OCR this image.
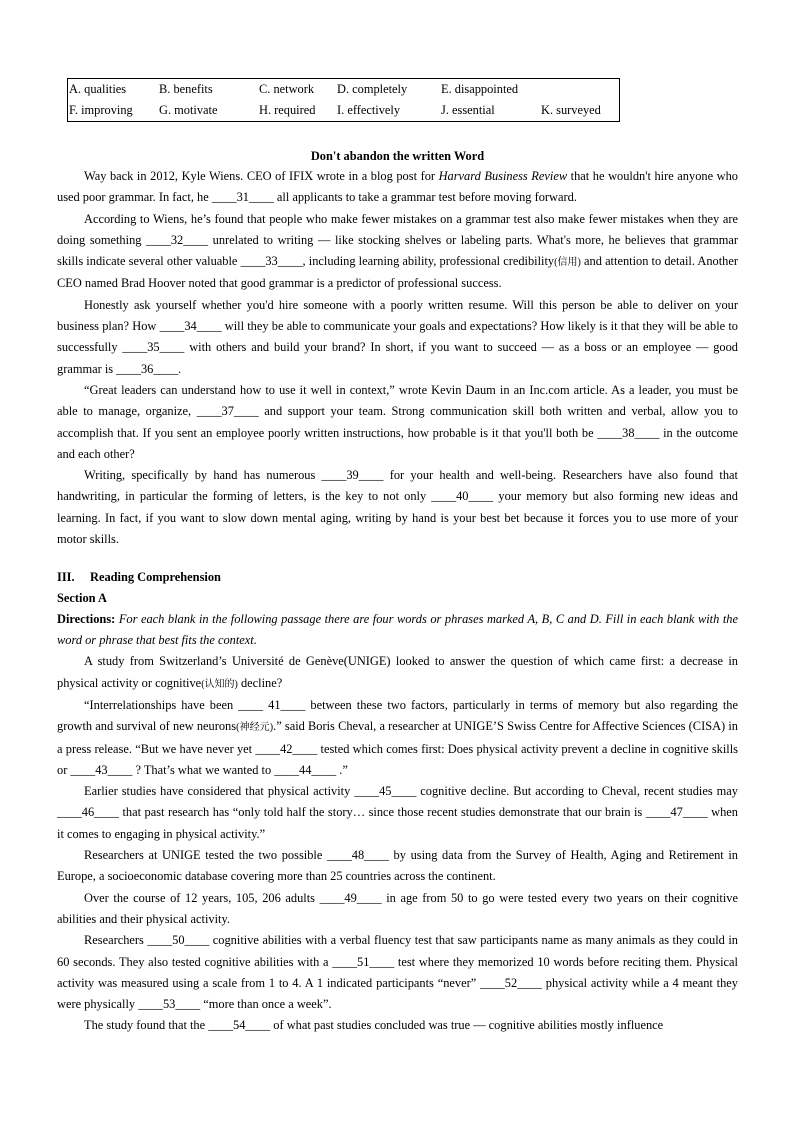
A. qualities	B. benefits	C. network	D. completely	E. disappointed	
F. improving	G. motivate	H. required	I. effectively	J. essential	K. surveyed
Don't abandon the written Word

Way back in 2012, Kyle Wiens. CEO of IFIX wrote in a blog post for Harvard Business Review that he wouldn't hire anyone who used poor grammar. In fact, he ____31____ all applicants to take a grammar test before moving forward.

According to Wiens, he’s found that people who make fewer mistakes on a grammar test also make fewer mistakes when they are doing something ____32____ unrelated to writing — like stocking shelves or labeling parts. What's more, he believes that grammar skills indicate several other valuable ____33____, including learning ability, professional credibility(信用) and attention to detail. Another CEO named Brad Hoover noted that good grammar is a predictor of professional success.

Honestly ask yourself whether you'd hire someone with a poorly written resume. Will this person be able to deliver on your business plan? How ____34____ will they be able to communicate your goals and expectations? How likely is it that they will be able to successfully ____35____ with others and build your brand? In short, if you want to succeed — as a boss or an employee — good grammar is ____36____.

“Great leaders can understand how to use it well in context,” wrote Kevin Daum in an Inc.com article. As a leader, you must be able to manage, organize, ____37____ and support your team. Strong communication skill both written and verbal, allow you to accomplish that. If you sent an employee poorly written instructions, how probable is it that you'll both be ____38____ in the outcome and each other?

Writing, specifically by hand has numerous ____39____ for your health and well-being. Researchers have also found that handwriting, in particular the forming of letters, is the key to not only ____40____ your memory but also forming new ideas and learning. In fact, if you want to slow down mental aging, writing by hand is your best bet because it forces you to use more of your motor skills.

III. Reading Comprehension
Section A

Directions: For each blank in the following passage there are four words or phrases marked A, B, C and D. Fill in each blank with the word or phrase that best fits the context.

A study from Switzerland’s Université de Genève(UNIGE) looked to answer the question of which came first: a decrease in physical activity or cognitive(认知的) decline?

“Interrelationships have been ____ 41____ between these two factors, particularly in terms of memory but also regarding the growth and survival of new neurons(神经元).” said Boris Cheval, a researcher at UNIGE’S Swiss Centre for Affective Sciences (CISA) in a press release. “But we have never yet ____42____ tested which comes first: Does physical activity prevent a decline in cognitive skills or ____43____ ? That’s what we wanted to ____44____ .”

Earlier studies have considered that physical activity ____45____ cognitive decline. But according to Cheval, recent studies may ____46____ that past research has “only told half the story… since those recent studies demonstrate that our brain is ____47____ when it comes to engaging in physical activity.”

Researchers at UNIGE tested the two possible ____48____ by using data from the Survey of Health, Aging and Retirement in Europe, a socioeconomic database covering more than 25 countries across the continent.

Over the course of 12 years, 105, 206 adults ____49____ in age from 50 to go were tested every two years on their cognitive abilities and their physical activity.

Researchers ____50____ cognitive abilities with a verbal fluency test that saw participants name as many animals as they could in 60 seconds. They also tested cognitive abilities with a ____51____ test where they memorized 10 words before reciting them. Physical activity was measured using a scale from 1 to 4. A 1 indicated participants “never” ____52____ physical activity while a 4 meant they were physically ____53____ “more than once a week”.

The study found that the ____54____ of what past studies concluded was true — cognitive abilities mostly influence
